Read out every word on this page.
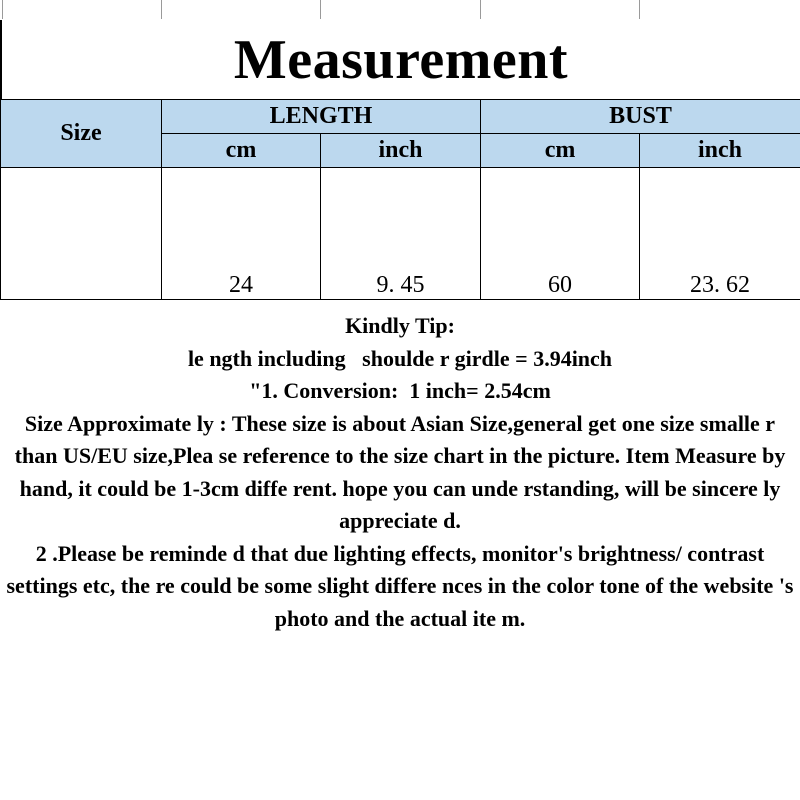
Measurement
Size	LENGTH		BUST	
	cm	inch	cm	inch
	24	9. 45	60	23. 62
Kindly Tip:
le ngth including   shoulde r girdle = 3.94inch
"1. Conversion:  1 inch= 2.54cm
Size Approximate ly : These size is about Asian Size,general get one size smalle r than US/EU size,Plea se reference to the size chart in the picture. Item Measure by hand, it could be 1-3cm diffe rent. hope you can unde rstanding, will be sincere ly appreciate d.
2 .Please be reminde d that due lighting effects, monitor's brightness/ contrast settings etc, the re could be some slight differe nces in the color tone of the website 's photo and the actual ite m.
